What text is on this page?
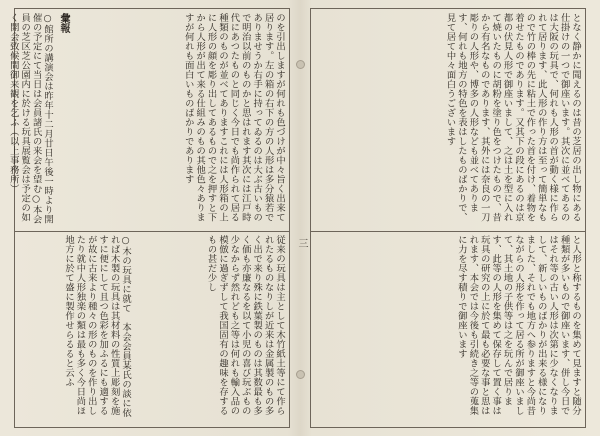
三
のを引出しますが何れも色づけが中々旨く出来て居ります。左の箱の右下の方の人形は多分猿若でありませうか右手に持ってゐるのは大ぶ古いもので明治以前のものかと思はれます其次には江戸時代にあつたものと同じく今日でも尚作られて居る種類のものが並べてありますこれには人形箱の上に人形の顔を彫り出してあるもので之を押すと下から人形が出て来る仕組みのもの其他色々ありますが何れも面白いものばかりであります
彙報
○館所の講演会は昨年十二月廿日午後一時より開催の予定にて当日は会員諸氏の来会を望む○本会員の芝区芝公園内に於ける玩具展覧会は予定の如く開会致候間御来観を乞ふ（以上事務所）
従来の玩具は主として木竹紙土等にて作られたるものなりしが近来は金属製のもの多く出で来り殊に鉄葉製のものは其数最も多く価も亦廉なるを以て小児の喜び玩ぶもの少なからず然れども之等は何れも輸入品の模倣に過ぎずして我国固有の趣味を存するもの甚だ少し
○木の玩具に就て　本会会員某氏の談に依れば木製の玩具は其材料の性質上彫刻を施すに便にして且つ色彩を加ふるにも適するが故に古来より種々の形のものを作り出したり就中人形独楽の類は最も多く今日尚ほ地方に於て盛に製作せらるると云ふ
となく静かに聞えるのは昔の芝居の出し物にある仕掛けの一つで御座います。其次に並べてあるのは大阪の玩具で、何れも人形の首が動く様に作られて居ります、此人形の作り方は至って簡単なもので竹の棒の先に粘土で作った首を付け、着物を着せたものであります。又其下の段にあるのは京都の伏見人形で御座いまして、之は土を型に入れて焼いたものに胡粉を塗り色をつけたもので、昔から有名なものであります、其外には奈良の一刀彫りの人形や、博多の人形なども並べてあります、何れも地方の特色を表はしたものばかりで、見て居て中々面白うございます
と人形と称するものを集めて見ますと随分種類が多いもので御座います、併し今日ではそれ等の古い人形は次第に少なくなりまして、新しいものばかりが出来る様になりました、それでも地方へ参りますと今尚昔ながらの人形を作って居る所が御座いまして、其土地の子供等は之を玩んで居ります、此等の人形を集めて保存して置く事は玩具の研究の上に於て最も必要な事と思はれます、本会では今後も引続き之等の蒐集に力を尽す積りで御座います
